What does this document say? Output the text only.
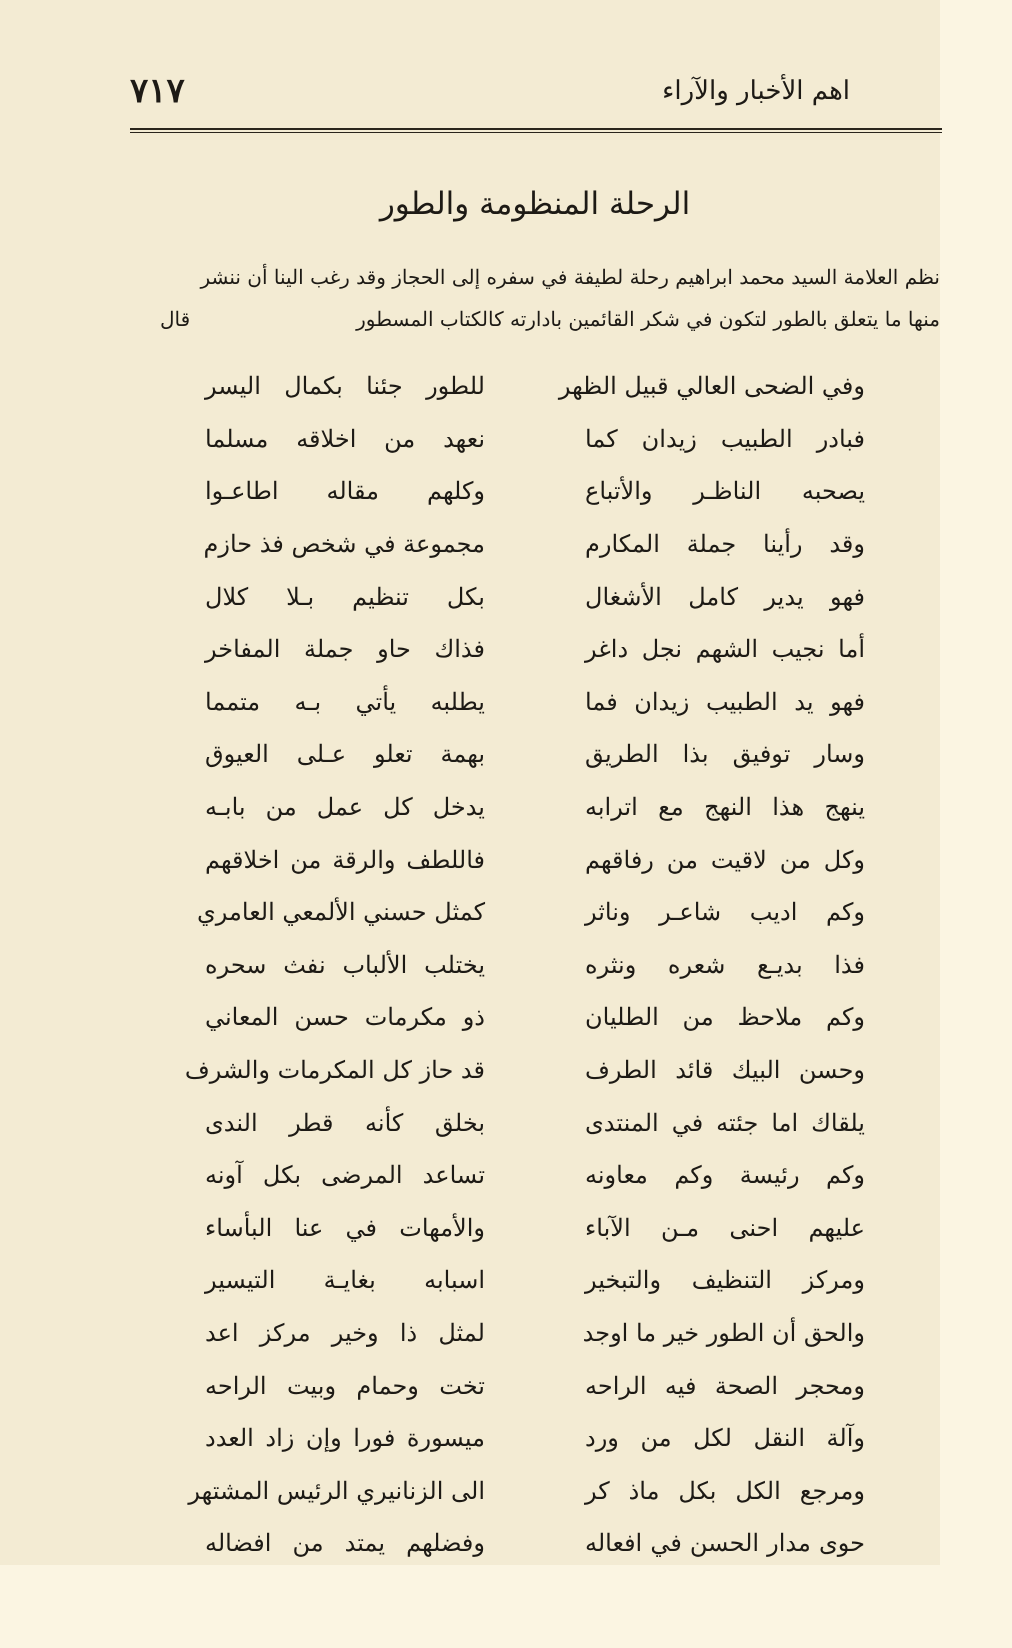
٧١٧	اهم الأخبار والآراء
الرحلة المنظومة والطور
نظم العلامة السيد محمد ابراهيم رحلة لطيفة في سفره إلى الحجاز وقد رغب الينا أن ننشر
منها ما يتعلق بالطور لتكون في شكر القائمين بادارته كالكتاب المسطور
قال
وفي الضحى العالي قبيل الظهر
للطور جئنا بكمال اليسر
فبادر الطبيب زيدان كما
نعهد من اخلاقه مسلما
يصحبه الناظـر والأتباع
وكلهم مقاله اطاعـوا
وقد رأينا جملة المكارم
مجموعة في شخص فذ حازم
فهو يدير كامل الأشغال
بكل تنظيم بـلا كلال
أما نجيب الشهم نجل داغر
فذاك حاو جملة المفاخر
فهو يد الطبيب زيدان فما
يطلبه يأتي بـه متمما
وسار توفيق بذا الطريق
بهمة تعلو عـلى العيوق
ينهج هذا النهج مع اترابه
يدخل كل عمل من بابـه
وكل من لاقيت من رفاقهم
فاللطف والرقة من اخلاقهم
وكم اديب شاعـر وناثر
كمثل حسني الألمعي العامري
فذا بديـع شعره ونثره
يختلب الألباب نفث سحره
وكم ملاحظ من الطليان
ذو مكرمات حسن المعاني
وحسن البيك قائد الطرف
قد حاز كل المكرمات والشرف
يلقاك اما جئته في المنتدى
بخلق كأنه قطر الندى
وكم رئيسة وكم معاونه
تساعد المرضى بكل آونه
عليهم احنى مـن الآباء
والأمهات في عنا البأساء
ومركز التنظيف والتبخير
اسبابه بغايـة التيسير
والحق أن الطور خير ما اوجد
لمثل ذا وخير مركز اعد
ومحجر الصحة فيه الراحه
تخت وحمام وبيت الراحه
وآلة النقل لكل من ورد
ميسورة فورا وإن زاد العدد
ومرجع الكل بكل ماذ كر
الى الزنانيري الرئيس المشتهر
حوى مدار الحسن في افعاله
وفضلهم يمتد من افضاله
